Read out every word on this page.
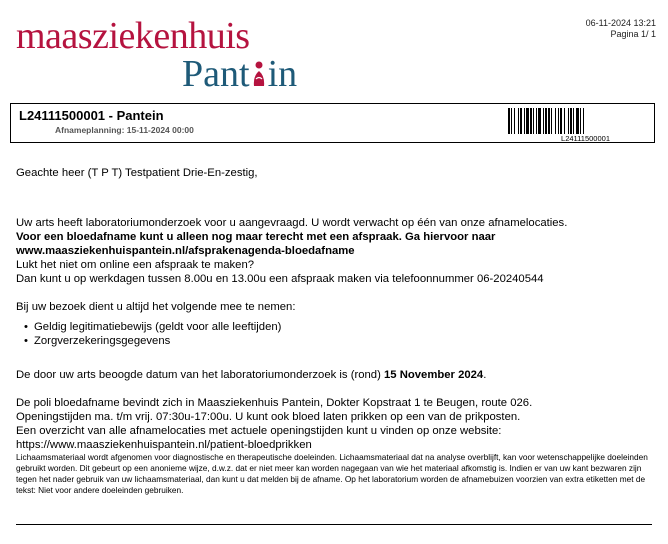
maasziekenhuis
Pant in
06-11-2024 13:21
Pagina 1/ 1
L24111500001 - Pantein
Afnameplanning: 15-11-2024 00:00
L24111500001

Geachte heer (T P T) Testpatient Drie-En-zestig,

Uw arts heeft laboratoriumonderzoek voor u aangevraagd. U wordt verwacht op één van onze afnamelocaties.

Voor een bloedafname kunt u alleen nog maar terecht met een afspraak. Ga hiervoor naar

www.maasziekenhuispantein.nl/afsprakenagenda-bloedafname

Lukt het niet om online een afspraak te maken?

Dan kunt u op werkdagen tussen 8.00u en 13.00u een afspraak maken via telefoonnummer 06-20240544

Bij uw bezoek dient u altijd het volgende mee te nemen:

• Geldig legitimatiebewijs (geldt voor alle leeftijden)
• Zorgverzekeringsgegevens

De door uw arts beoogde datum van het laboratoriumonderzoek is (rond) 15 November 2024.

De poli bloedafname bevindt zich in Maasziekenhuis Pantein, Dokter Kopstraat 1 te Beugen, route 026.

Openingstijden ma. t/m vrij. 07:30u-17:00u. U kunt ook bloed laten prikken op een van de prikposten.

Een overzicht van alle afnamelocaties met actuele openingstijden kunt u vinden op onze website:

https://www.maasziekenhuispantein.nl/patient-bloedprikken

Lichaamsmateriaal wordt afgenomen voor diagnostische en therapeutische doeleinden. Lichaamsmateriaal dat na analyse overblijft, kan voor wetenschappelijke doeleinden gebruikt worden. Dit gebeurt op een anonieme wijze, d.w.z. dat er niet meer kan worden nagegaan van wie het materiaal afkomstig is. Indien er van uw kant bezwaren zijn tegen het nader gebruik van uw lichaamsmateriaal, dan kunt u dat melden bij de afname. Op het laboratorium worden de afnamebuizen voorzien van extra etiketten met de tekst: Niet voor andere doeleinden gebruiken.
